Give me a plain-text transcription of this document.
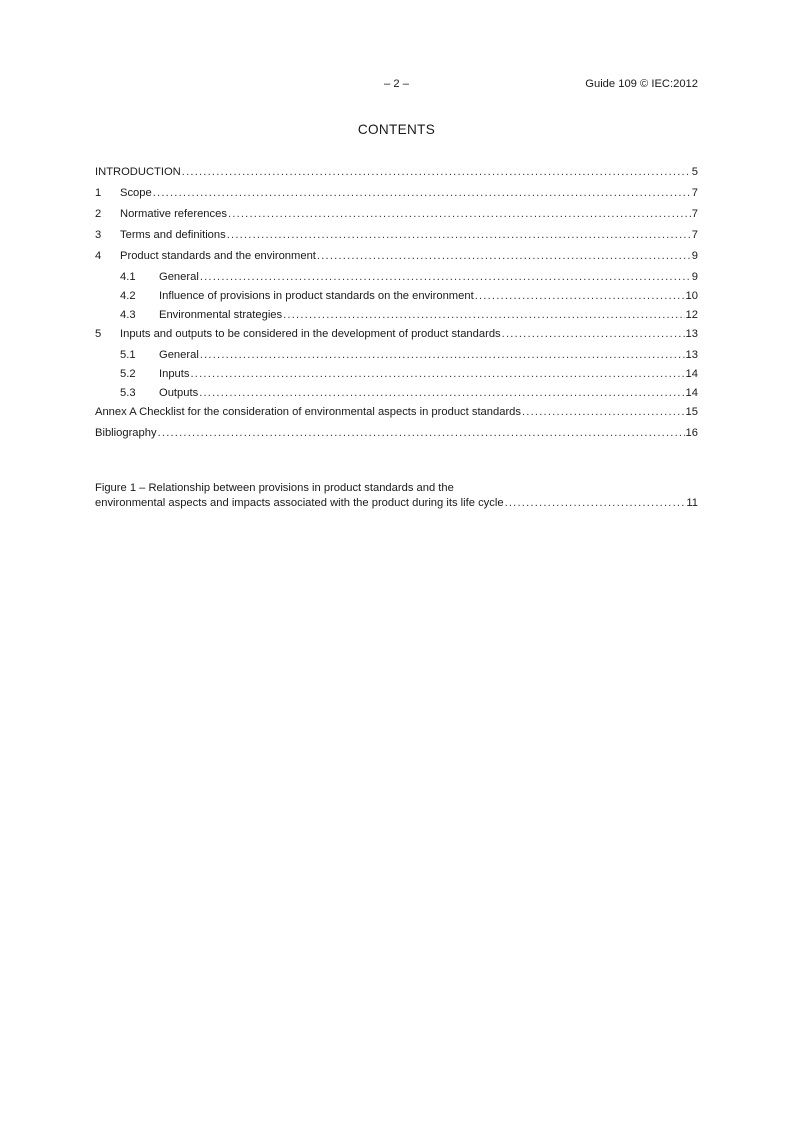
– 2 –	Guide 109 © IEC:2012
CONTENTS
INTRODUCTION .....	5
1	Scope .....	7
2	Normative references .....	7
3	Terms and definitions .....	7
4	Product standards and the environment .....	9
4.1	General .....	9
4.2	Influence of provisions in product standards on the environment .....	10
4.3	Environmental strategies .....	12
5	Inputs and outputs to be considered in the development of product standards .....	13
5.1	General .....	13
5.2	Inputs .....	14
5.3	Outputs .....	14
Annex A Checklist for the consideration of environmental aspects in product standards .....	15
Bibliography .....	16
Figure 1 – Relationship between provisions in product standards and the
environmental aspects and impacts associated with the product during its life cycle .....	11
